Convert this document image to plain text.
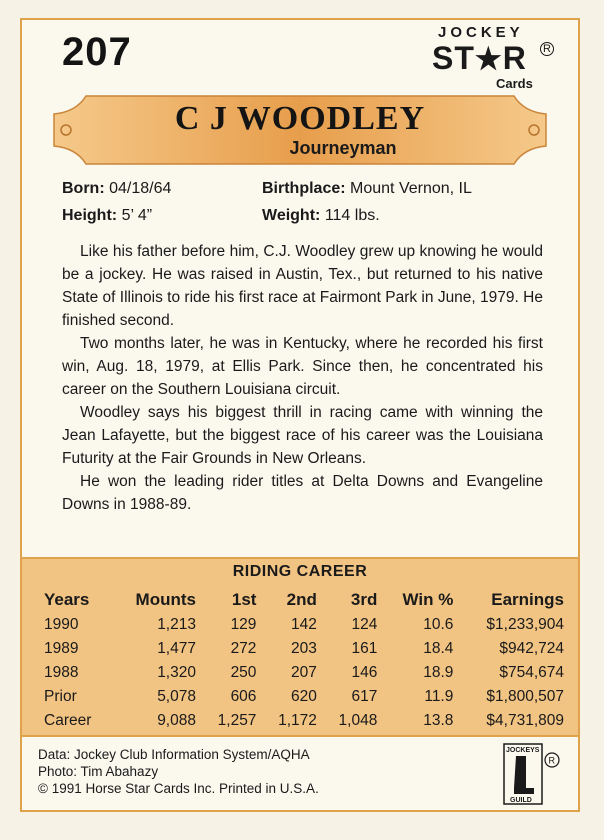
207	JOCKEY
ST★R R
Cards
C J WOODLEY
Journeyman
Born: 04/18/64	Birthplace: Mount Vernon, IL
Height: 5’ 4”	Weight: 114 lbs.

Like his father before him, C.J. Woodley grew up knowing he would be a jockey. He was raised in Austin, Tex., but returned to his native State of Illinois to ride his first race at Fairmont Park in June, 1979. He finished second.

Two months later, he was in Kentucky, where he recorded his first win, Aug. 18, 1979, at Ellis Park. Since then, he concentrated his career on the Southern Louisiana circuit.

Woodley says his biggest thrill in racing came with winning the Jean Lafayette, but the biggest race of his career was the Louisiana Futurity at the Fair Grounds in New Orleans.

He won the leading rider titles at Delta Downs and Evangeline Downs in 1988-89.

RIDING CAREER
Years	Mounts	1st	2nd	3rd	Win %	Earnings
1990	1,213	129	142	124	10.6	$1,233,904
1989	1,477	272	203	161	18.4	$942,724
1988	1,320	250	207	146	18.9	$754,674
Prior	5,078	606	620	617	11.9	$1,800,507
Career	9,088	1,257	1,172	1,048	13.8	$4,731,809
Data: Jockey Club Information System/AQHA
Photo: Tim Abahazy
© 1991 Horse Star Cards Inc. Printed in U.S.A.
JOCKEYS
GUILD
R
